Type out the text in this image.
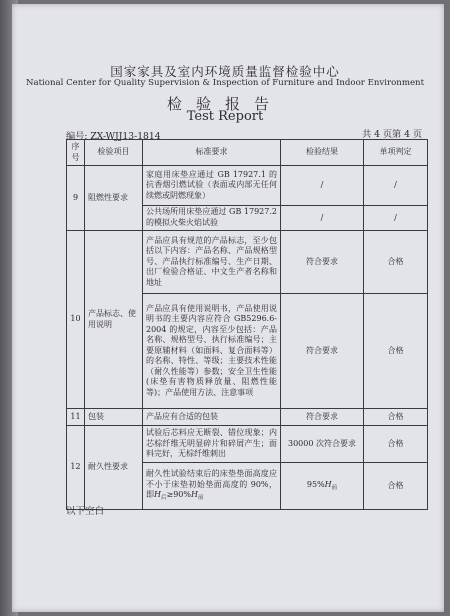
国家家具及室内环境质量监督检验中心
National Center for Quality Supervision & Inspection of Furniture and Indoor Environment
检验报告
Test Report
编号: ZX-WJJ13-1814	共 4 页第 4 页
序号	检验项目	标准要求	检验结果	单项判定
9	阻燃性要求	家庭用床垫应通过 GB 17927.1 的抗香烟引燃试验（表面或内部无任何续燃或阴燃现象）	/	/
		公共场所用床垫应通过 GB 17927.2 的模拟火柴火焰试验	/	/
10	产品标志、使用说明	产品应具有规范的产品标志，至少包括以下内容：产品名称、产品规格型号、产品执行标准编号、生产日期、出厂检验合格证、中文生产者名称和地址	符合要求	合格
		产品应具有使用说明书，产品使用说明书的主要内容应符合 GB5296.6-2004 的规定，内容至少包括：产品名称、规格型号、执行标准编号；主要原辅材料（如面料、复合面料等）的名称、特性、等级；主要技术性能（耐久性能等）参数；安全卫生性能(床垫有害物质释放量、阻燃性能等)；产品使用方法、注意事项	符合要求	合格
11	包装	产品应有合适的包装	符合要求	合格
12	耐久性要求	试验后芯料应无断裂、错位现象；内芯棕纤维无明显碎片和碎屑产生；面料完好，无棕纤维刺出	30000 次符合要求	合格
		耐久性试验结束后的床垫垫面高度应不小于床垫初始垫面高度的 90%，即$H_后\ge 90\%H_前$	$95\%H_前$	合格
以下空白
